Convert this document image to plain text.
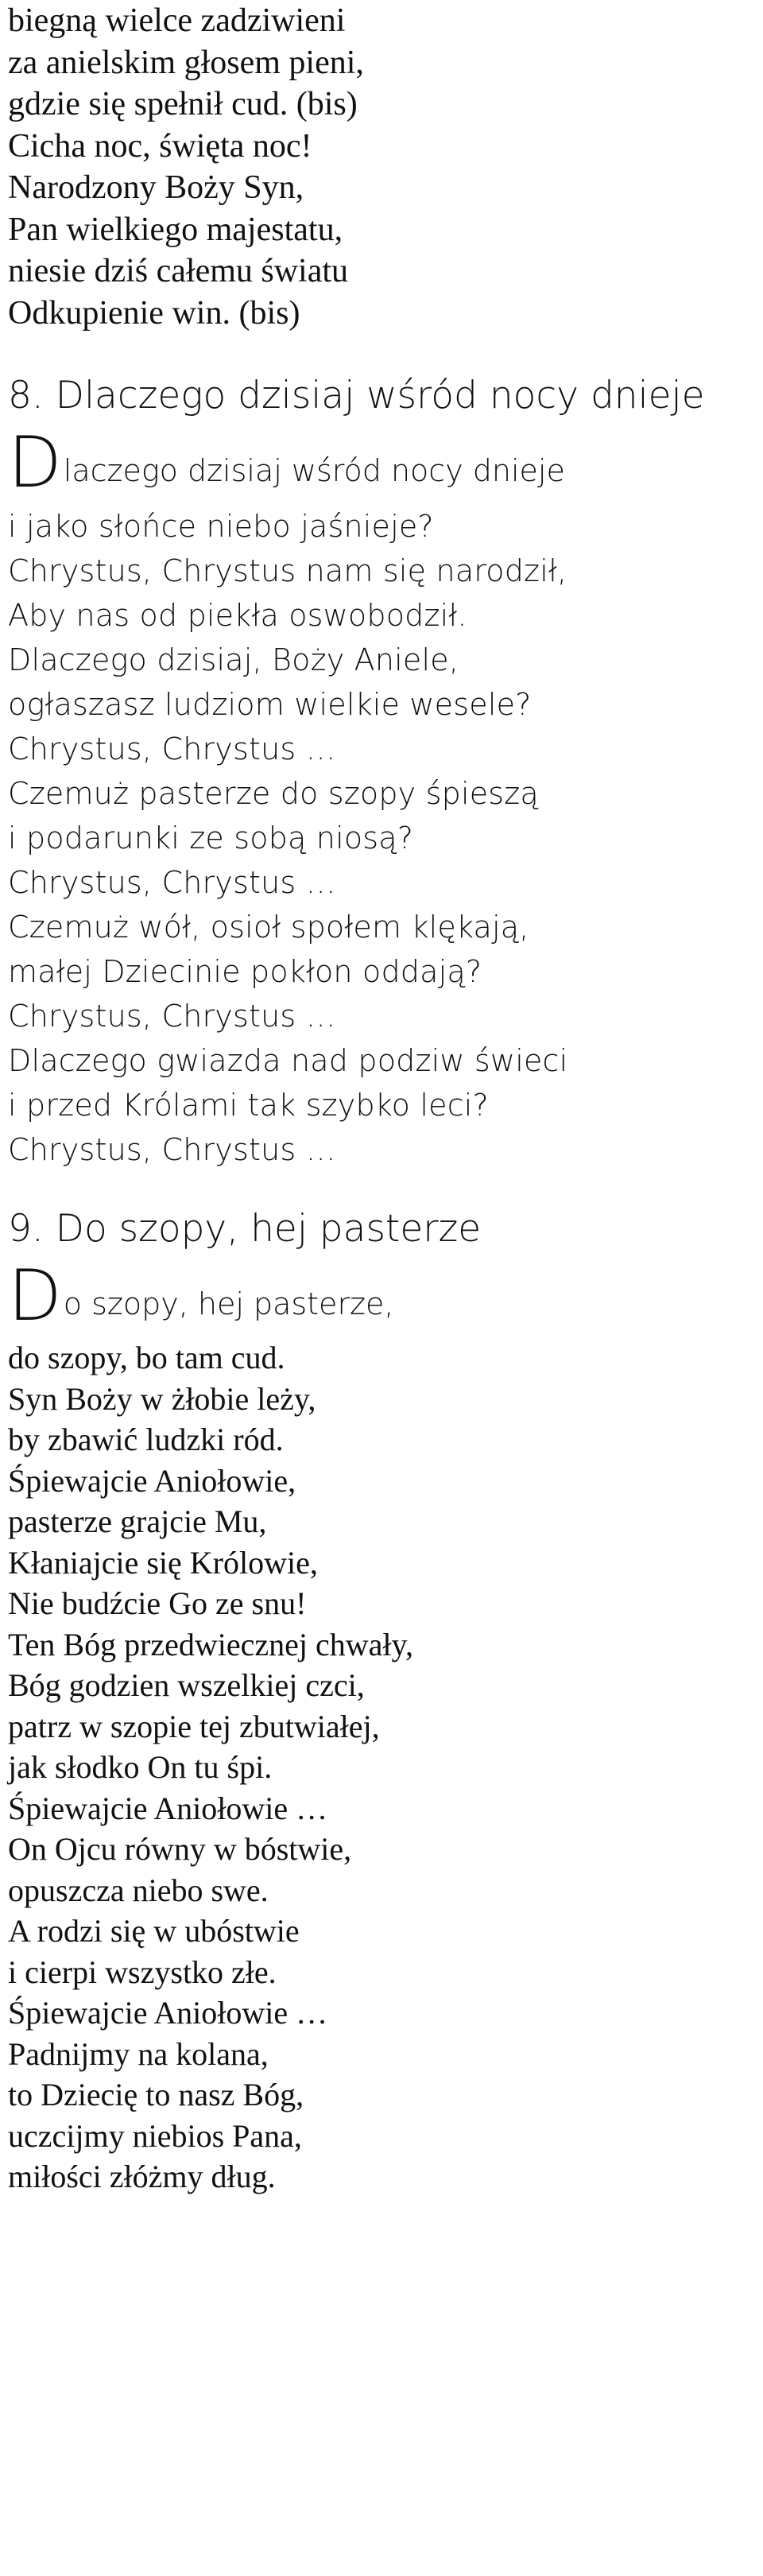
biegną wielce zadziwieni

za anielskim głosem pieni,

gdzie się spełnił cud. (bis)

Cicha noc, święta noc!

Narodzony Boży Syn,

Pan wielkiego majestatu,

niesie dziś całemu światu

Odkupienie win. (bis)

8. Dlaczego dzisiaj wśród nocy dnieje
D laczego dzisiaj wśród nocy dnieje

i jako słońce niebo jaśnieje?

Chrystus, Chrystus nam się narodził,

Aby nas od piekła oswobodził.

Dlaczego dzisiaj, Boży Aniele,

ogłaszasz ludziom wielkie wesele?

Chrystus, Chrystus …

Czemuż pasterze do szopy śpieszą

i podarunki ze sobą niosą?

Chrystus, Chrystus …

Czemuż wół, osioł społem klękają,

małej Dziecinie pokłon oddają?

Chrystus, Chrystus …

Dlaczego gwiazda nad podziw świeci

i przed Królami tak szybko leci?

Chrystus, Chrystus …

9. Do szopy, hej pasterze
D o szopy, hej pasterze,

do szopy, bo tam cud.

Syn Boży w żłobie leży,

by zbawić ludzki ród.

Śpiewajcie Aniołowie,

pasterze grajcie Mu,

Kłaniajcie się Królowie,

Nie budźcie Go ze snu!

Ten Bóg przedwiecznej chwały,

Bóg godzien wszelkiej czci,

patrz w szopie tej zbutwiałej,

jak słodko On tu śpi.

Śpiewajcie Aniołowie …

On Ojcu równy w bóstwie,

opuszcza niebo swe.

A rodzi się w ubóstwie

i cierpi wszystko złe.

Śpiewajcie Aniołowie …

Padnijmy na kolana,

to Dziecię to nasz Bóg,

uczcijmy niebios Pana,

miłości złóżmy dług.
